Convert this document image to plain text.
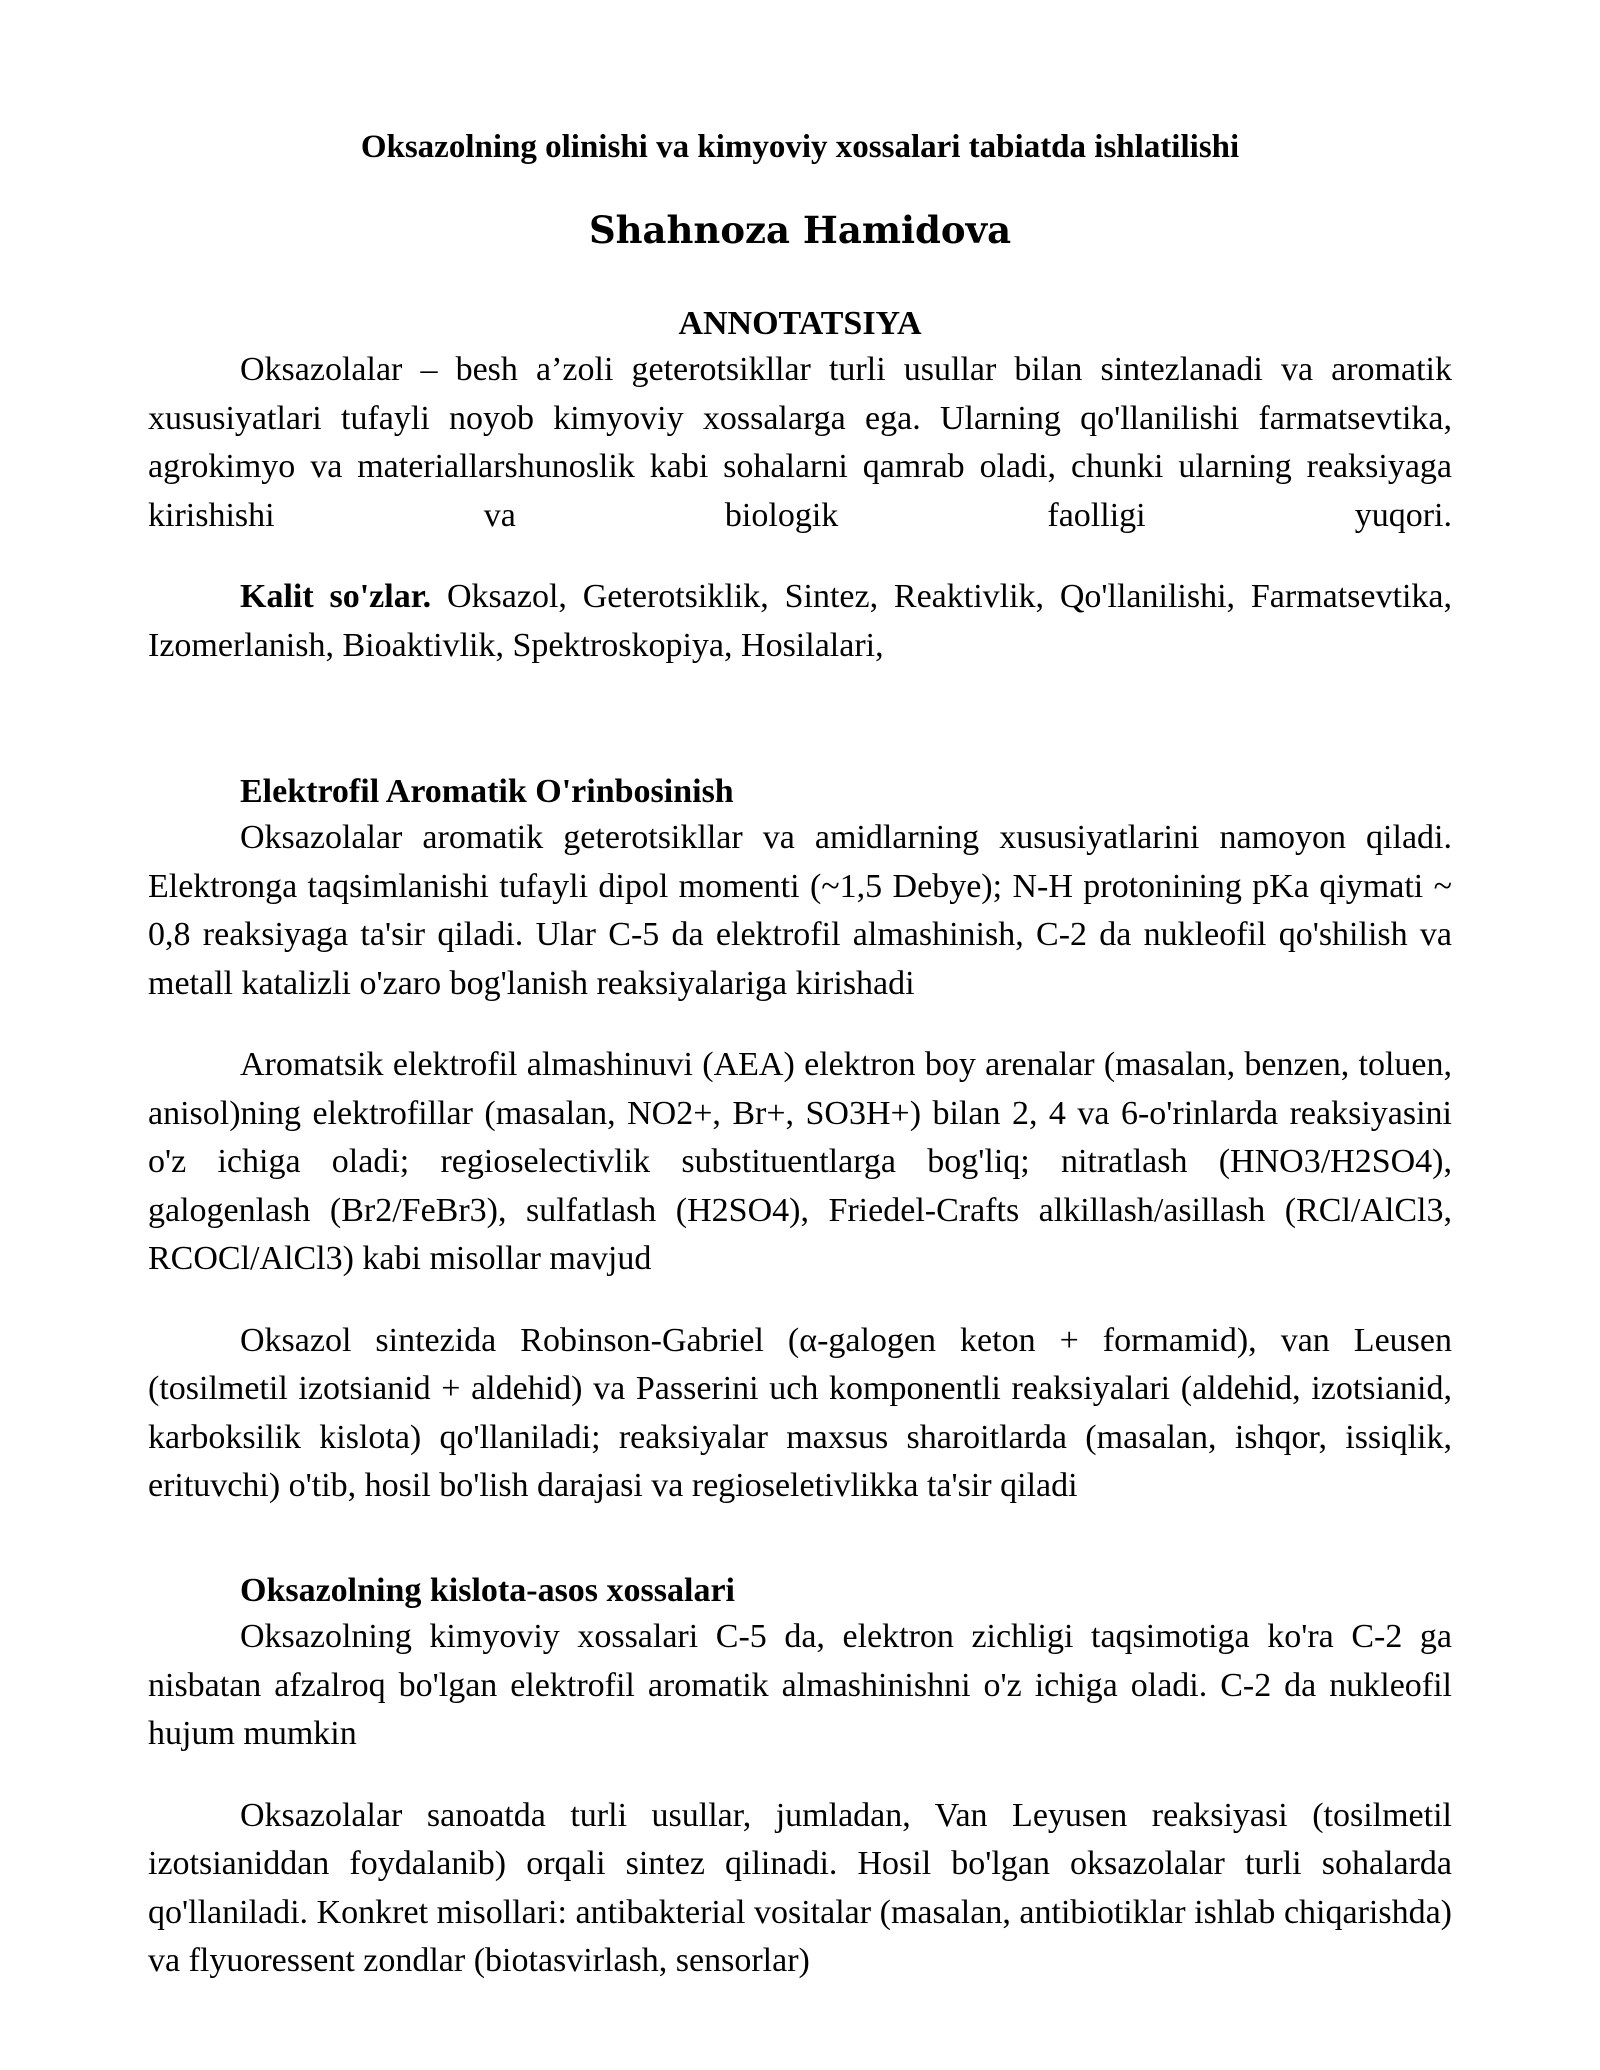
Oksazolning olinishi va kimyoviy xossalari tabiatda ishlatilishi
Shahnoza Hamidova
ANNOTATSIYA

Oksazolalar – besh a’zoli geterotsikllar turli usullar bilan sintezlanadi va aromatik xususiyatlari tufayli noyob kimyoviy xossalarga ega. Ularning qo'llanilishi farmatsevtika, agrokimyo va materiallarshunoslik kabi sohalarni qamrab oladi, chunki ularning reaksiyaga kirishishi va biologik faolligi yuqori.

Kalit so'zlar. Oksazol, Geterotsiklik, Sintez, Reaktivlik, Qo'llanilishi, Farmatsevtika, Izomerlanish, Bioaktivlik, Spektroskopiya, Hosilalari,

Elektrofil Aromatik O'rinbosinish

Oksazolalar aromatik geterotsikllar va amidlarning xususiyatlarini namoyon qiladi. Elektronga taqsimlanishi tufayli dipol momenti (~1,5 Debye); N-H protonining pKa qiymati ~ 0,8 reaksiyaga ta'sir qiladi. Ular C-5 da elektrofil almashinish, C-2 da nukleofil qo'shilish va metall katalizli o'zaro bog'lanish reaksiyalariga kirishadi

Aromatsik elektrofil almashinuvi (AEA) elektron boy arenalar (masalan, benzen, toluen, anisol)ning elektrofillar (masalan, NO2+, Br+, SO3H+) bilan 2, 4 va 6-o'rinlarda reaksiyasini o'z ichiga oladi; regioselectivlik substituentlarga bog'liq; nitratlash (HNO3/H2SO4), galogenlash (Br2/FeBr3), sulfatlash (H2SO4), Friedel-Crafts alkillash/asillash (RCl/AlCl3, RCOCl/AlCl3) kabi misollar mavjud

Oksazol sintezida Robinson-Gabriel (α-galogen keton + formamid), van Leusen (tosilmetil izotsianid + aldehid) va Passerini uch komponentli reaksiyalari (aldehid, izotsianid, karboksilik kislota) qo'llaniladi; reaksiyalar maxsus sharoitlarda (masalan, ishqor, issiqlik, erituvchi) o'tib, hosil bo'lish darajasi va regioseletivlikka ta'sir qiladi

Oksazolning kislota-asos xossalari

Oksazolning kimyoviy xossalari C-5 da, elektron zichligi taqsimotiga ko'ra C-2 ga nisbatan afzalroq bo'lgan elektrofil aromatik almashinishni o'z ichiga oladi. C-2 da nukleofil hujum mumkin

Oksazolalar sanoatda turli usullar, jumladan, Van Leyusen reaksiyasi (tosilmetil izotsianiddan foydalanib) orqali sintez qilinadi. Hosil bo'lgan oksazolalar turli sohalarda qo'llaniladi. Konkret misollari: antibakterial vositalar (masalan, antibiotiklar ishlab chiqarishda) va flyuoressent zondlar (biotasvirlash, sensorlar)
